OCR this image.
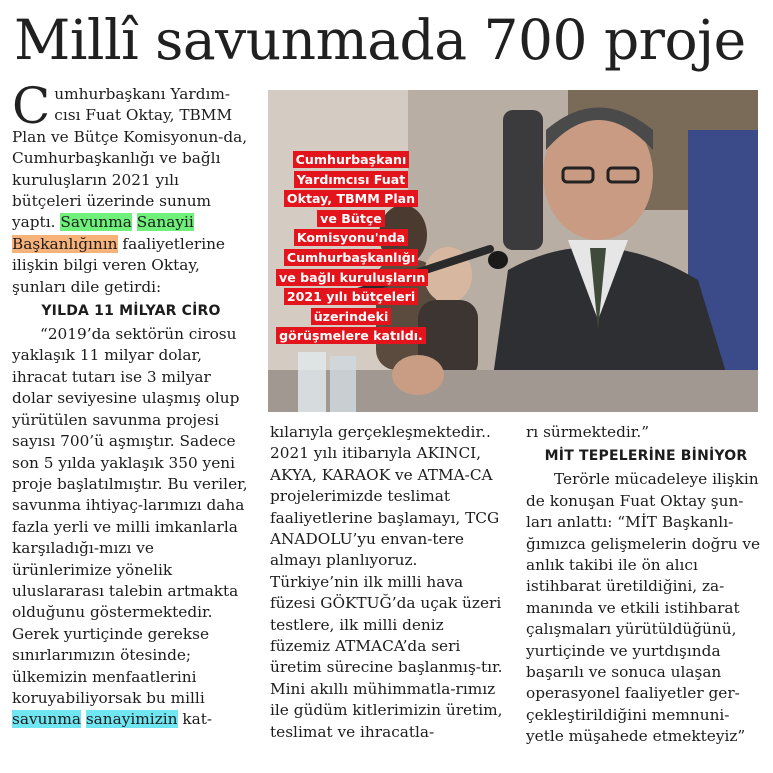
Millî savunmada 700 proje

Cumhurbaşkanı Yardım-cısı Fuat Oktay, TBMM Plan ve Bütçe Komisyonun-da, Cumhurbaşkanlığı ve bağlı kuruluşların 2021 yılı bütçeleri üzerinde sunum yaptı. Savunma Sanayii Başkanlığının faaliyetlerine ilişkin bilgi veren Oktay, şunları dile getirdi:

YILDA 11 MİLYAR CİRO

“2019’da sektörün cirosu yaklaşık 11 milyar dolar, ihracat tutarı ise 3 milyar dolar seviyesine ulaşmış olup yürütülen savunma projesi sayısı 700’ü aşmıştır. Sadece son 5 yılda yaklaşık 350 yeni proje başlatılmıştır. Bu veriler, savunma ihtiyaç-larımızı daha fazla yerli ve milli imkanlarla karşıladığı-mızı ve ürünlerimize yönelik uluslararası talebin artmakta olduğunu göstermektedir. Gerek yurtiçinde gerekse sınırlarımızın ötesinde; ülkemizin menfaatlerini koruyabiliyorsak bu milli savunma sanayimizin kat-

Cumhurbaşkanı Yardımcısı Fuat Oktay, TBMM Plan ve Bütçe Komisyonu'nda Cumhurbaşkanlığı ve bağlı kuruluşların 2021 yılı bütçeleri üzerindeki görüşmelere katıldı.

kılarıyla gerçekleşmektedir.. 2021 yılı itibarıyla AKINCI, AKYA, KARAOK ve ATMA-CA projelerimizde teslimat faaliyetlerine başlamayı, TCG ANADOLU’yu envan-tere almayı planlıyoruz. Türkiye’nin ilk milli hava füzesi GÖKTUĞ’da uçak üzeri testlere, ilk milli deniz füzemiz ATMACA’da seri üretim sürecine başlanmış-tır. Mini akıllı mühimmatla-rımız ile güdüm kitlerimizin üretim, teslimat ve ihracatla-

rı sürmektedir.”

MİT TEPELERİNE BİNİYOR

Terörle mücadeleye ilişkin de konuşan Fuat Oktay şun-ları anlattı: “MİT Başkanlı-ğımızca gelişmelerin doğru ve anlık takibi ile ön alıcı istihbarat üretildiğini, za-manında ve etkili istihbarat çalışmaları yürütüldüğünü, yurtiçinde ve yurtdışında başarılı ve sonuca ulaşan operasyonel faaliyetler ger-çekleştirildiğini memnuni-yetle müşahede etmekteyiz”
